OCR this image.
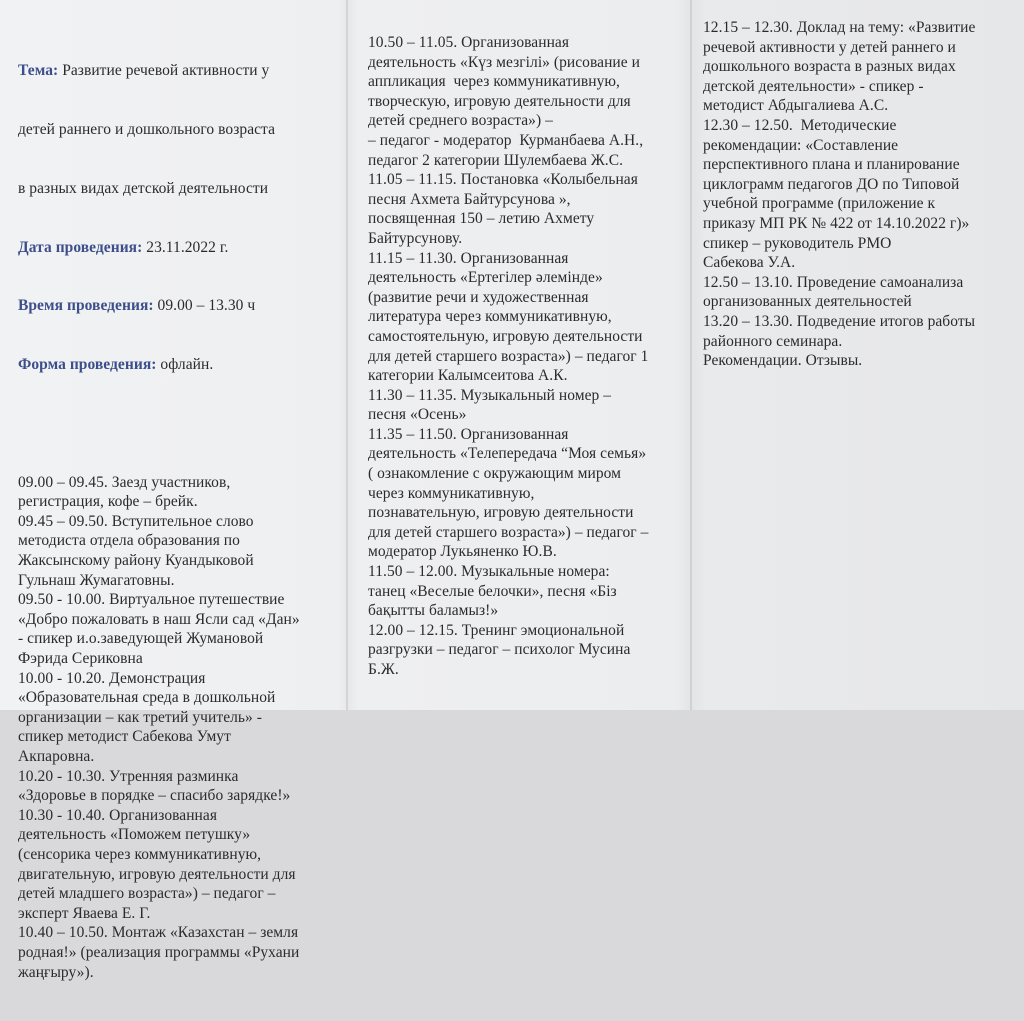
Тема: Развитие речевой активности у

детей раннего и дошкольного возраста

в разных видах детской деятельности

Дата проведения: 23.11.2022 г.

Время проведения: 09.00 – 13.30 ч

Форма проведения: офлайн.

09.00 – 09.45. Заезд участников,
регистрация, кофе – брейк.
09.45 – 09.50. Вступительное слово
методиста отдела образования по
Жаксынскому району Куандыковой
Гульнаш Жумагатовны.
09.50 - 10.00. Виртуальное путешествие
«Добро пожаловать в наш Ясли сад «Дан»
- спикер и.о.заведующей Жумановой
Фэрида Сериковна
10.00 - 10.20. Демонстрация
«Образовательная среда в дошкольной
организации – как третий учитель» -
спикер методист Сабекова Умут
Акпаровна.
10.20 - 10.30. Утренняя разминка
«Здоровье в порядке – спасибо зарядке!»
10.30 - 10.40. Организованная
деятельность «Поможем петушку»
(сенсорика через коммуникативную,
двигательную, игровую деятельности для
детей младшего возраста») – педагог –
эксперт Яваева Е. Г.
10.40 – 10.50. Монтаж «Казахстан – земля
родная!» (реализация программы «Рухани
жаңғыру»).

10.50 – 11.05. Организованная
деятельность «Күз мезгілі» (рисование и
аппликация  через коммуникативную,
творческую, игровую деятельности для
детей среднего возраста») –
– педагог - модератор  Курманбаева А.Н.,
педагог 2 категории Шулембаева Ж.С.
11.05 – 11.15. Постановка «Колыбельная
песня Ахмета Байтурсунова »,
посвященная 150 – летию Ахмету
Байтурсунову.
11.15 – 11.30. Организованная
деятельность «Ертегілер әлемінде»
(развитие речи и художественная
литература через коммуникативную,
самостоятельную, игровую деятельности
для детей старшего возраста») – педагог 1
категории Калымсеитова А.К.
11.30 – 11.35. Музыкальный номер –
песня «Осень»
11.35 – 11.50. Организованная
деятельность «Телепередача “Моя семья»
( ознакомление с окружающим миром
через коммуникативную,
познавательную, игровую деятельности
для детей старшего возраста») – педагог –
модератор Лукьяненко Ю.В.
11.50 – 12.00. Музыкальные номера:
танец «Веселые белочки», песня «Біз
бақытты баламыз!»
12.00 – 12.15. Тренинг эмоциональной
разгрузки – педагог – психолог Мусина
Б.Ж.
12.15 – 12.30. Доклад на тему: «Развитие
речевой активности у детей раннего и
дошкольного возраста в разных видах
детской деятельности» - спикер -
методист Абдыгалиева А.С.
12.30 – 12.50.  Методические
рекомендации: «Составление
перспективного плана и планирование
циклограмм педагогов ДО по Типовой
учебной программе (приложение к
приказу МП РК № 422 от 14.10.2022 г)»
спикер – руководитель РМО
Сабекова У.А.
12.50 – 13.10. Проведение самоанализа
организованных деятельностей
13.20 – 13.30. Подведение итогов работы
районного семинара.
Рекомендации. Отзывы.
